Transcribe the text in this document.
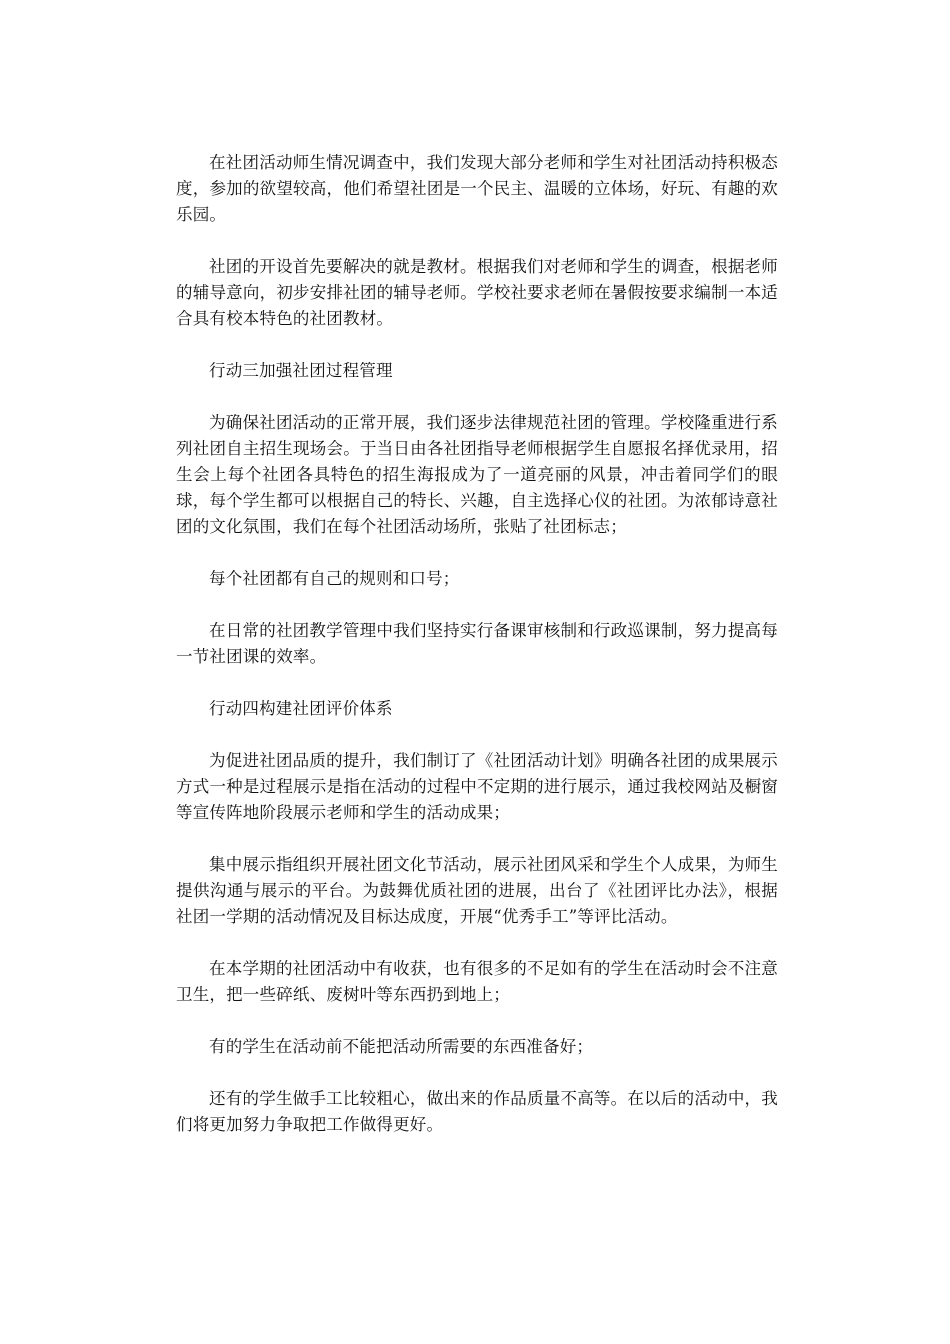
在社团活动师生情况调查中，我们发现大部分老师和学生对社团活动持积极态度，参加的欲望较高，他们希望社团是一个民主、温暖的立体场，好玩、有趣的欢乐园。

社团的开设首先要解决的就是教材。根据我们对老师和学生的调查，根据老师的辅导意向，初步安排社团的辅导老师。学校社要求老师在暑假按要求编制一本适合具有校本特色的社团教材。

行动三加强社团过程管理

为确保社团活动的正常开展，我们逐步法律规范社团的管理。学校隆重进行系列社团自主招生现场会。于当日由各社团指导老师根据学生自愿报名择优录用，招生会上每个社团各具特色的招生海报成为了一道亮丽的风景，冲击着同学们的眼球，每个学生都可以根据自己的特长、兴趣，自主选择心仪的社团。为浓郁诗意社团的文化氛围，我们在每个社团活动场所，张贴了社团标志；

每个社团都有自己的规则和口号；

在日常的社团教学管理中我们坚持实行备课审核制和行政巡课制，努力提高每一节社团课的效率。

行动四构建社团评价体系

为促进社团品质的提升，我们制订了《社团活动计划》明确各社团的成果展示方式一种是过程展示是指在活动的过程中不定期的进行展示，通过我校网站及橱窗等宣传阵地阶段展示老师和学生的活动成果；

集中展示指组织开展社团文化节活动，展示社团风采和学生个人成果，为师生提供沟通与展示的平台。为鼓舞优质社团的进展，出台了《社团评比办法》，根据社团一学期的活动情况及目标达成度，开展“优秀手工”等评比活动。

在本学期的社团活动中有收获，也有很多的不足如有的学生在活动时会不注意卫生，把一些碎纸、废树叶等东西扔到地上；

有的学生在活动前不能把活动所需要的东西准备好；

还有的学生做手工比较粗心，做出来的作品质量不高等。在以后的活动中，我们将更加努力争取把工作做得更好。
